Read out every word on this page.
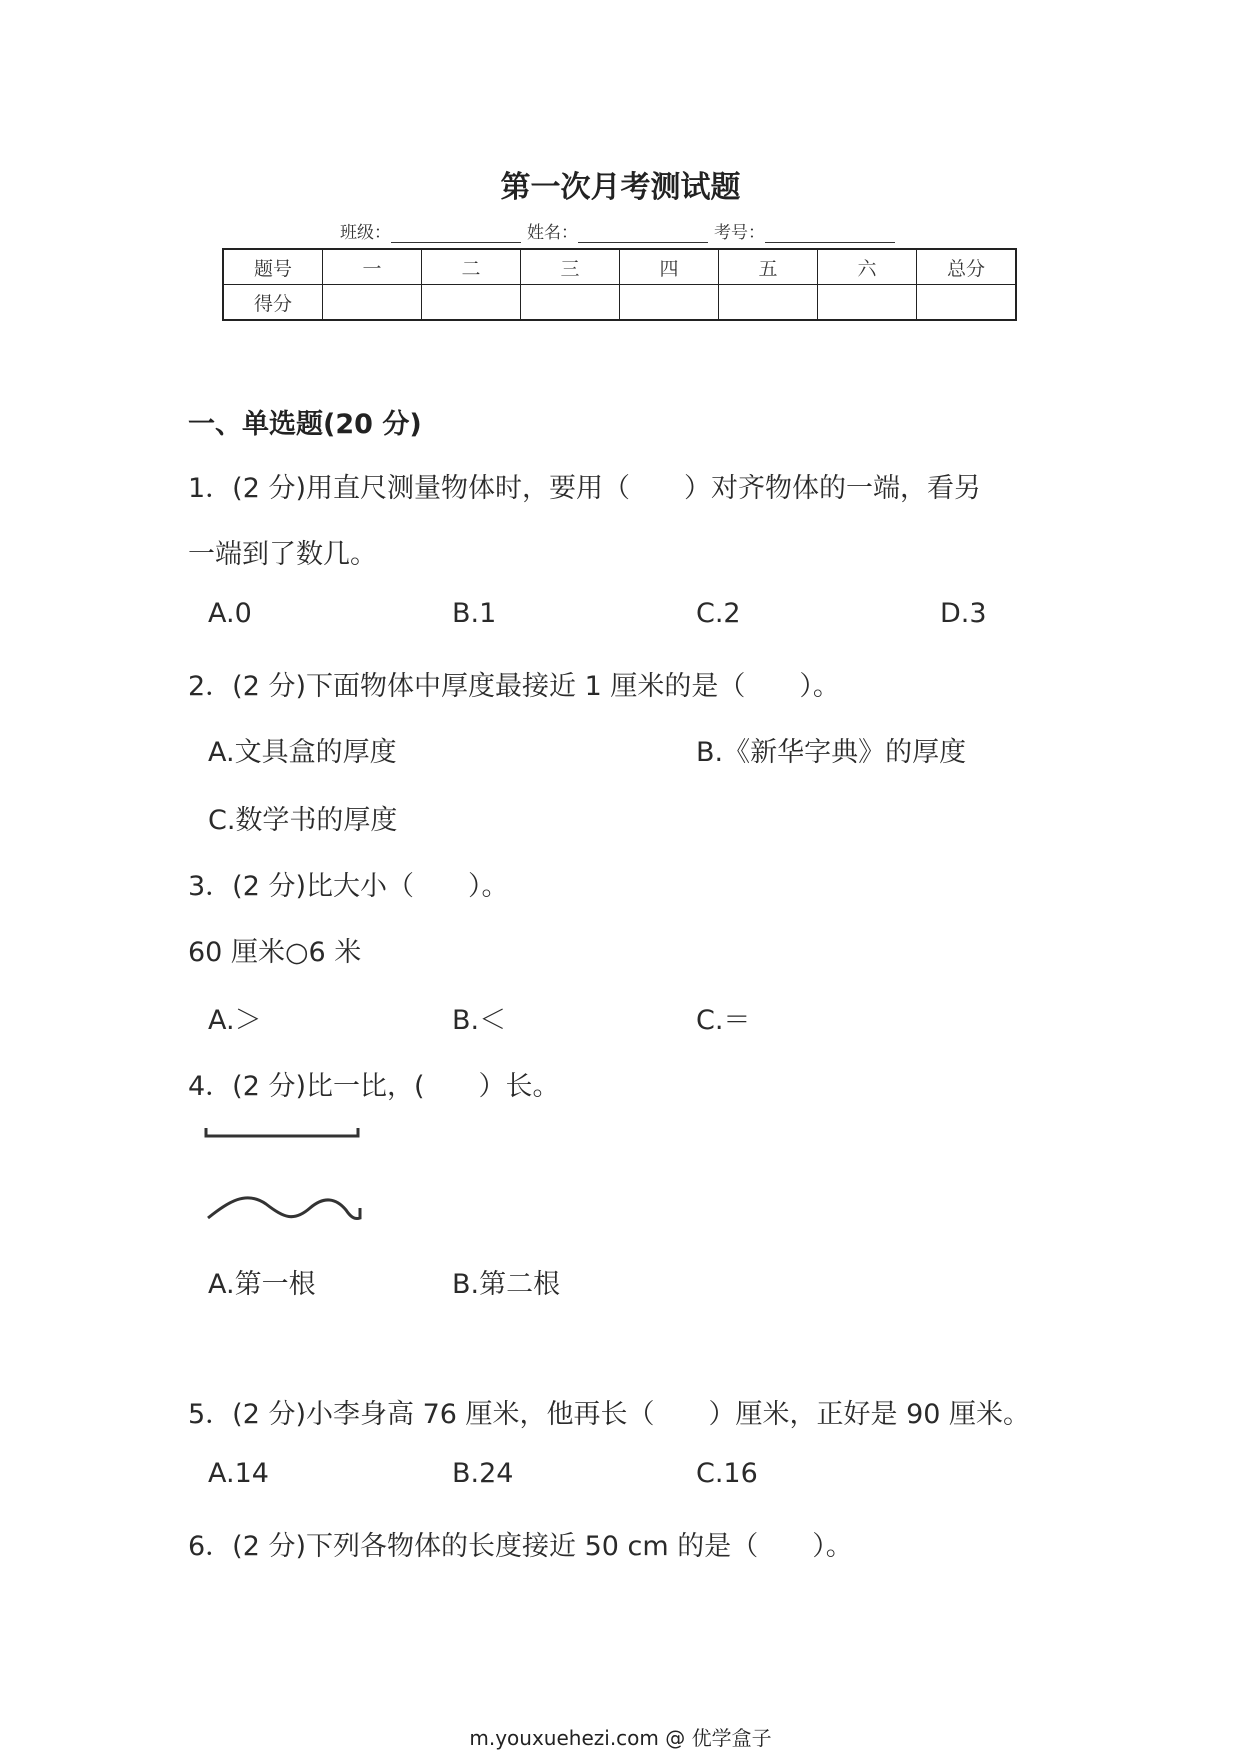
第一次月考测试题
班级：	姓名：	考号：
题号	一	二	三	四	五	六	总分
得分							
一、单选题(20 分)
1．(2 分)用直尺测量物体时，要用（　　）对齐物体的一端，看另
一端到了数几。
A.0	B.1	C.2	D.3
2．(2 分)下面物体中厚度最接近 1 厘米的是（　　）。
A.文具盒的厚度	B.《新华字典》的厚度
C.数学书的厚度
3．(2 分)比大小（　　）。
60 厘米○6 米
A.＞	B.＜	C.＝
4．(2 分)比一比，(　　）长。
A.第一根	B.第二根
5．(2 分)小李身高 76 厘米，他再长（　　）厘米，正好是 90 厘米。
A.14	B.24	C.16
6．(2 分)下列各物体的长度接近 50 cm 的是（　　）。
m.youxuehezi.com @ 优学盒子
